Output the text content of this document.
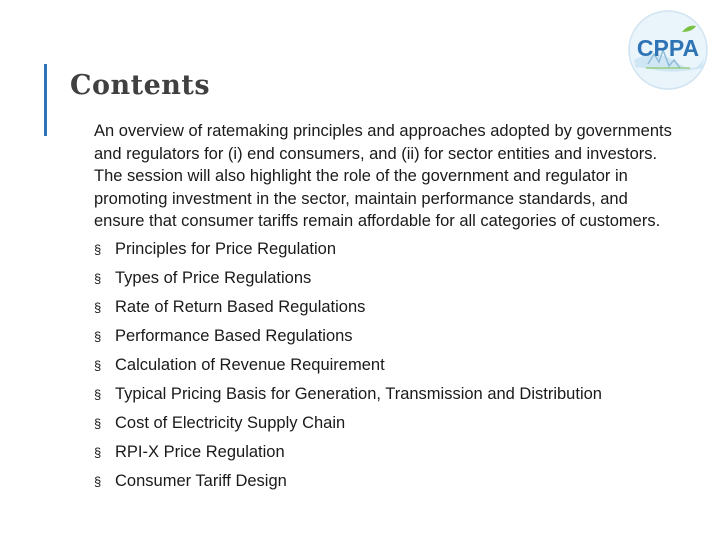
Contents
CPPA

An overview of ratemaking principles and approaches adopted by governments and regulators for (i) end consumers, and (ii) for sector entities and investors. The session will also highlight the role of the government and regulator in promoting investment in the sector, maintain performance standards, and ensure that consumer tariffs remain affordable for all categories of customers.

§ Principles for Price Regulation
§ Types of Price Regulations
§ Rate of Return Based Regulations
§ Performance Based Regulations
§ Calculation of Revenue Requirement
§ Typical Pricing Basis for Generation, Transmission and Distribution
§ Cost of Electricity Supply Chain
§ RPI-X Price Regulation
§ Consumer Tariff Design
